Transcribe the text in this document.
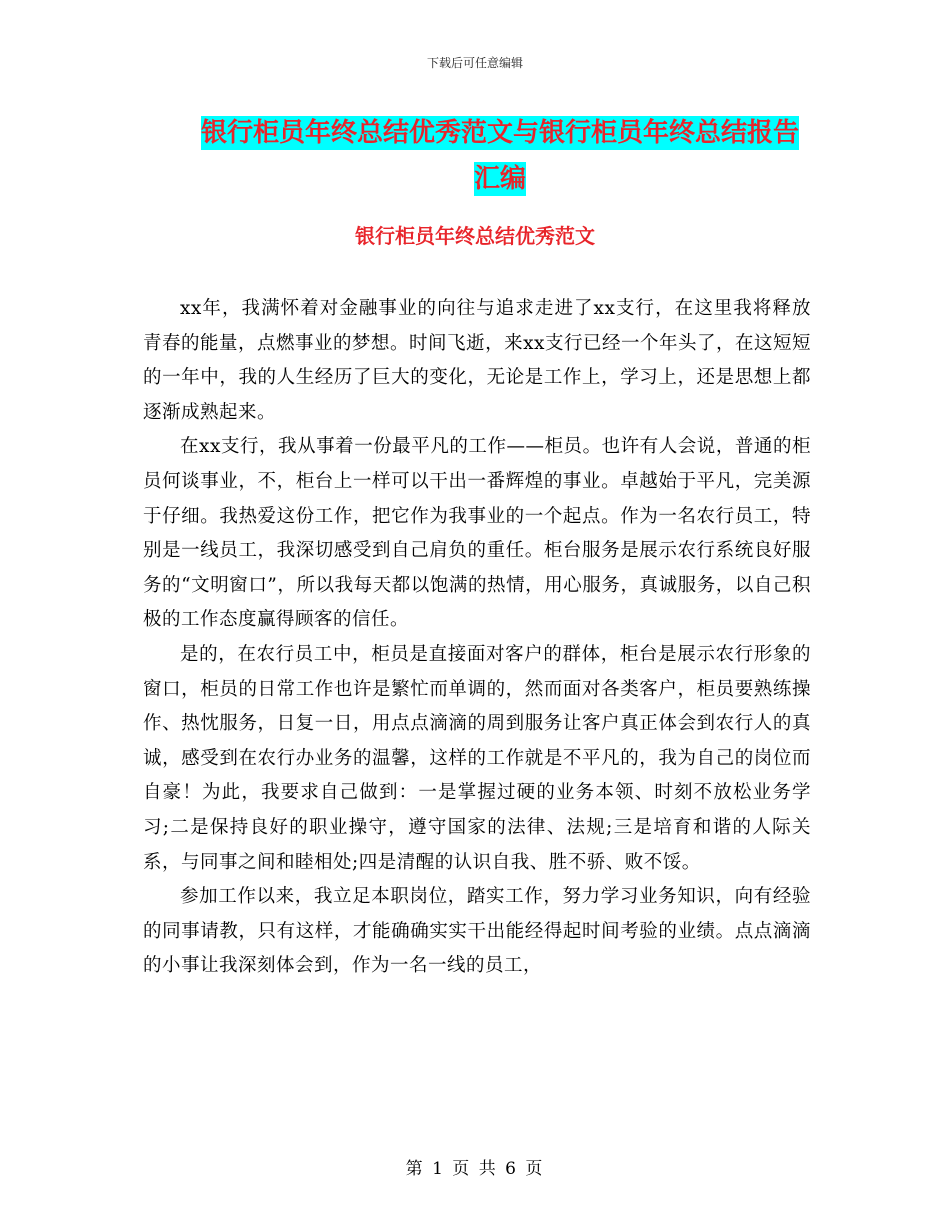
下载后可任意编辑
银行柜员年终总结优秀范文与银行柜员年终总结报告
汇编
银行柜员年终总结优秀范文

xx年，我满怀着对金融事业的向往与追求走进了xx支行，在这里我将释放青春的能量，点燃事业的梦想。时间飞逝，来xx支行已经一个年头了，在这短短的一年中，我的人生经历了巨大的变化，无论是工作上，学习上，还是思想上都逐渐成熟起来。

在xx支行，我从事着一份最平凡的工作——柜员。也许有人会说，普通的柜员何谈事业，不，柜台上一样可以干出一番辉煌的事业。卓越始于平凡，完美源于仔细。我热爱这份工作，把它作为我事业的一个起点。作为一名农行员工，特别是一线员工，我深切感受到自己肩负的重任。柜台服务是展示农行系统良好服务的“文明窗口”，所以我每天都以饱满的热情，用心服务，真诚服务，以自己积极的工作态度赢得顾客的信任。

是的，在农行员工中，柜员是直接面对客户的群体，柜台是展示农行形象的窗口，柜员的日常工作也许是繁忙而单调的，然而面对各类客户，柜员要熟练操作、热忱服务，日复一日，用点点滴滴的周到服务让客户真正体会到农行人的真诚，感受到在农行办业务的温馨，这样的工作就是不平凡的，我为自己的岗位而自豪！为此，我要求自己做到：一是掌握过硬的业务本领、时刻不放松业务学习;二是保持良好的职业操守，遵守国家的法律、法规;三是培育和谐的人际关系，与同事之间和睦相处;四是清醒的认识自我、胜不骄、败不馁。

参加工作以来，我立足本职岗位，踏实工作，努力学习业务知识，向有经验的同事请教，只有这样，才能确确实实干出能经得起时间考验的业绩。点点滴滴的小事让我深刻体会到，作为一名一线的员工，

第 1 页 共 6 页
